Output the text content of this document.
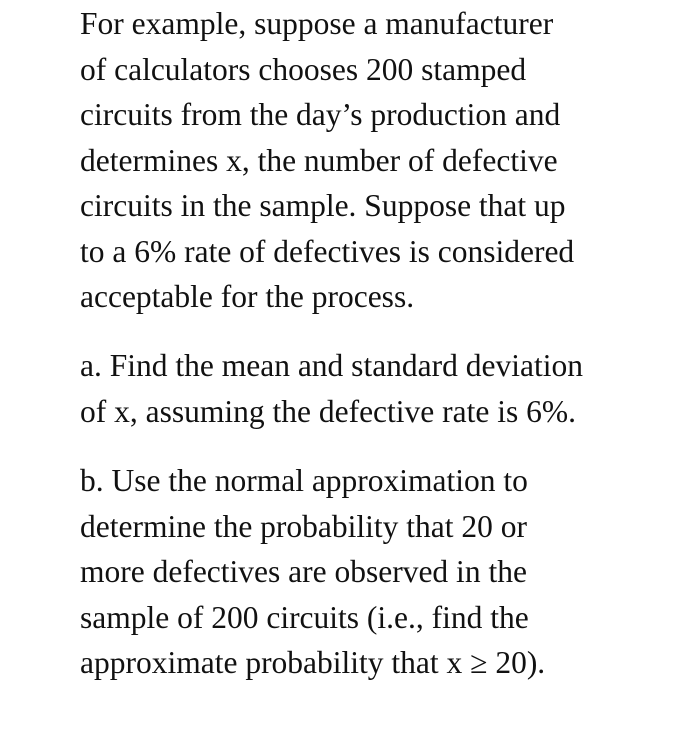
For example, suppose a manufacturer
of calculators chooses 200 stamped
circuits from the day’s production and
determines x, the number of defective
circuits in the sample. Suppose that up
to a 6% rate of defectives is considered
acceptable for the process.
a. Find the mean and standard deviation
of x, assuming the defective rate is 6%.
b. Use the normal approximation to
determine the probability that 20 or
more defectives are observed in the
sample of 200 circuits (i.e., find the
approximate probability that x ≥ 20).
